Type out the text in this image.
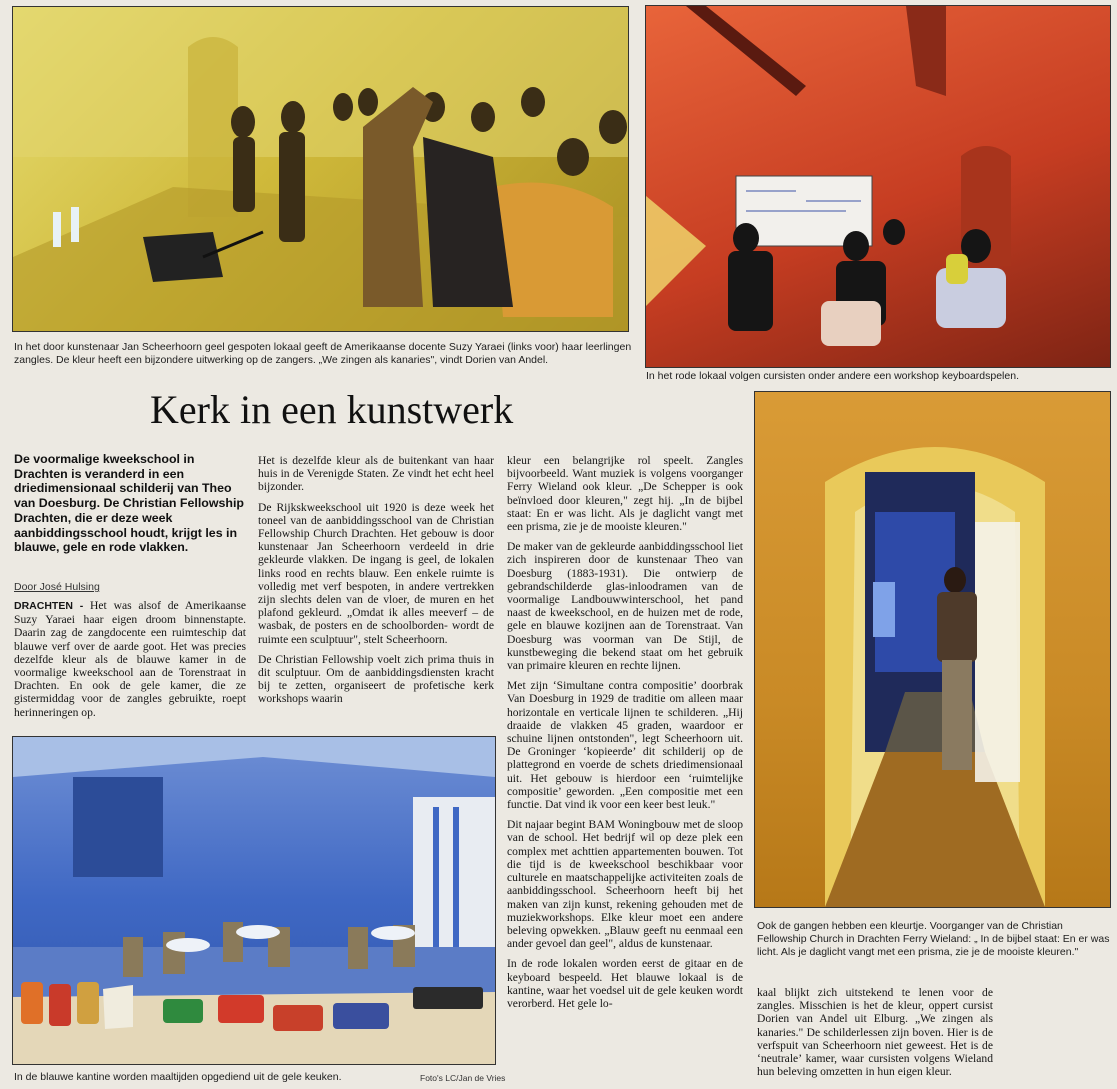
In het door kunstenaar Jan Scheerhoorn geel gespoten lokaal geeft de Amerikaanse docente Suzy Yaraei (links voor) haar leerlingen zangles. De kleur heeft een bijzondere uitwerking op de zangers. „We zingen als kanaries", vindt Dorien van Andel.
In het rode lokaal volgen cursisten onder andere een workshop keyboardspelen.
Kerk in een kunstwerk
De voormalige kweekschool in Drachten is veranderd in een driedimensionaal schilderij van Theo van Doesburg. De Christian Fellowship Drachten, die er deze week aanbiddingsschool houdt, krijgt les in blauwe, gele en rode vlakken.
Door José Hulsing

DRACHTEN - Het was alsof de Amerikaanse Suzy Yaraei haar eigen droom binnenstapte. Daarin zag de zangdocente een ruimteschip dat blauwe verf over de aarde goot. Het was precies dezelfde kleur als de blauwe kamer in de voormalige kweekschool aan de Torenstraat in Drachten. En ook de gele kamer, die ze gistermiddag voor de zangles gebruikte, roept herinneringen op.

Het is dezelfde kleur als de buitenkant van haar huis in de Verenigde Staten. Ze vindt het echt heel bijzonder.

De Rijkskweekschool uit 1920 is deze week het toneel van de aanbiddingsschool van de Christian Fellowship Church Drachten. Het gebouw is door kunstenaar Jan Scheerhoorn verdeeld in drie gekleurde vlakken. De ingang is geel, de lokalen links rood en rechts blauw. Een enkele ruimte is volledig met verf bespoten, in andere vertrekken zijn slechts delen van de vloer, de muren en het plafond gekleurd. „Omdat ik alles meeverf – de wasbak, de posters en de schoolborden- wordt de ruimte een sculptuur", stelt Scheerhoorn.

De Christian Fellowship voelt zich prima thuis in dit sculptuur. Om de aanbiddingsdiensten kracht bij te zetten, organiseert de profetische kerk workshops waarin

kleur een belangrijke rol speelt. Zangles bijvoorbeeld. Want muziek is volgens voorganger Ferry Wieland ook kleur. „De Schepper is ook beïnvloed door kleuren," zegt hij. „In de bijbel staat: En er was licht. Als je daglicht vangt met een prisma, zie je de mooiste kleuren."

De maker van de gekleurde aanbiddingsschool liet zich inspireren door de kunstenaar Theo van Doesburg (1883-1931). Die ontwierp de gebrandschilderde glas-inloodramen van de voormalige Landbouwwinterschool, het pand naast de kweekschool, en de huizen met de rode, gele en blauwe kozijnen aan de Torenstraat. Van Doesburg was voorman van De Stijl, de kunstbeweging die bekend staat om het gebruik van primaire kleuren en rechte lijnen.

Met zijn ‘Simultane contra compositie’ doorbrak Van Doesburg in 1929 de traditie om alleen maar horizontale en verticale lijnen te schilderen. „Hij draaide de vlakken 45 graden, waardoor er schuine lijnen ontstonden", legt Scheerhoorn uit. De Groninger ‘kopieerde’ dit schilderij op de plattegrond en voerde de schets driedimensionaal uit. Het gebouw is hierdoor een ‘ruimtelijke compositie’ geworden. „Een compositie met een functie. Dat vind ik voor een keer best leuk."

Dit najaar begint BAM Woningbouw met de sloop van de school. Het bedrijf wil op deze plek een complex met achttien appartementen bouwen. Tot die tijd is de kweekschool beschikbaar voor culturele en maatschappelijke activiteiten zoals de aanbiddingsschool. Scheerhoorn heeft bij het maken van zijn kunst, rekening gehouden met de muziekworkshops. Elke kleur moet een andere beleving opwekken. „Blauw geeft nu eenmaal een ander gevoel dan geel", aldus de kunstenaar.

In de rode lokalen worden eerst de gitaar en de keyboard bespeeld. Het blauwe lokaal is de kantine, waar het voedsel uit de gele keuken wordt verorberd. Het gele lo-

Ook de gangen hebben een kleurtje. Voorganger van de Christian Fellowship Church in Drachten Ferry Wieland: „ In de bijbel staat: En er was licht. Als je daglicht vangt met een prisma, zie je de mooiste kleuren."

kaal blijkt zich uitstekend te lenen voor de zangles. Misschien is het de kleur, oppert cursist Dorien van Andel uit Elburg. „We zingen als kanaries." De schilderlessen zijn boven. Hier is de verfspuit van Scheerhoorn niet geweest. Het is de ‘neutrale’ kamer, waar cursisten volgens Wieland hun beleving omzetten in hun eigen kleur.

In de blauwe kantine worden maaltijden opgediend uit de gele keuken.	Foto's LC/Jan de Vries
